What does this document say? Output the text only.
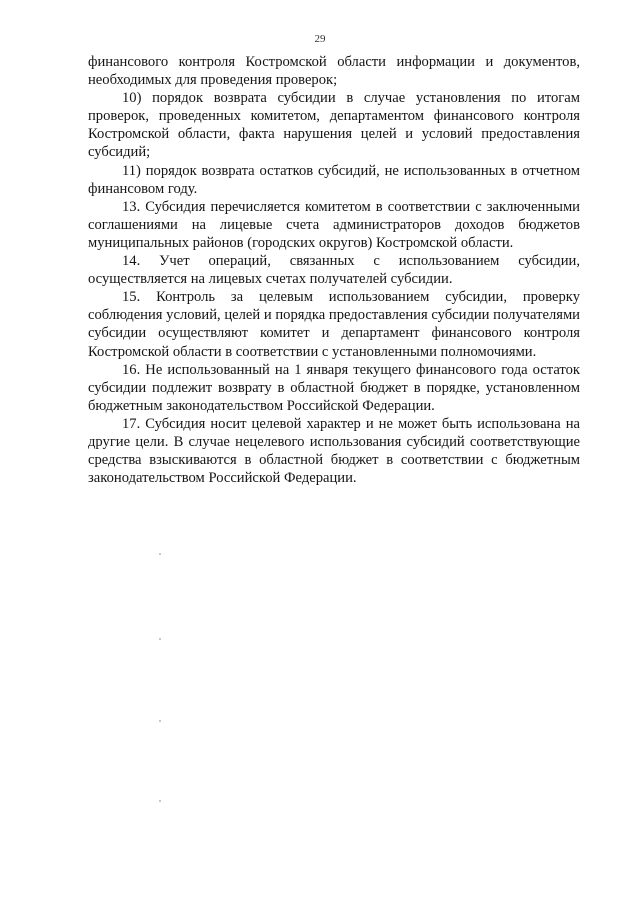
29

финансового контроля Костромской области информации и документов, необходимых для проведения проверок;

10) порядок возврата субсидии в случае установления по итогам проверок, проведенных комитетом, департаментом финансового контроля Костромской области, факта нарушения целей и условий предоставления субсидий;

11) порядок возврата остатков субсидий, не использованных в отчетном финансовом году.

13. Субсидия перечисляется комитетом в соответствии с заключенными соглашениями на лицевые счета администраторов доходов бюджетов муниципальных районов (городских округов) Костромской области.

14. Учет операций, связанных с использованием субсидии, осуществляется на лицевых счетах получателей субсидии.

15. Контроль за целевым использованием субсидии, проверку соблюдения условий, целей и порядка предоставления субсидии получателями субсидии осуществляют комитет и департамент финансового контроля Костромской области в соответствии с установленными полномочиями.

16. Не использованный на 1 января текущего финансового года остаток субсидии подлежит возврату в областной бюджет в порядке, установленном бюджетным законодательством Российской Федерации.

17. Субсидия носит целевой характер и не может быть использована на другие цели. В случае нецелевого использования субсидий соответствующие средства взыскиваются в областной бюджет в соответствии с бюджетным законодательством Российской Федерации.
